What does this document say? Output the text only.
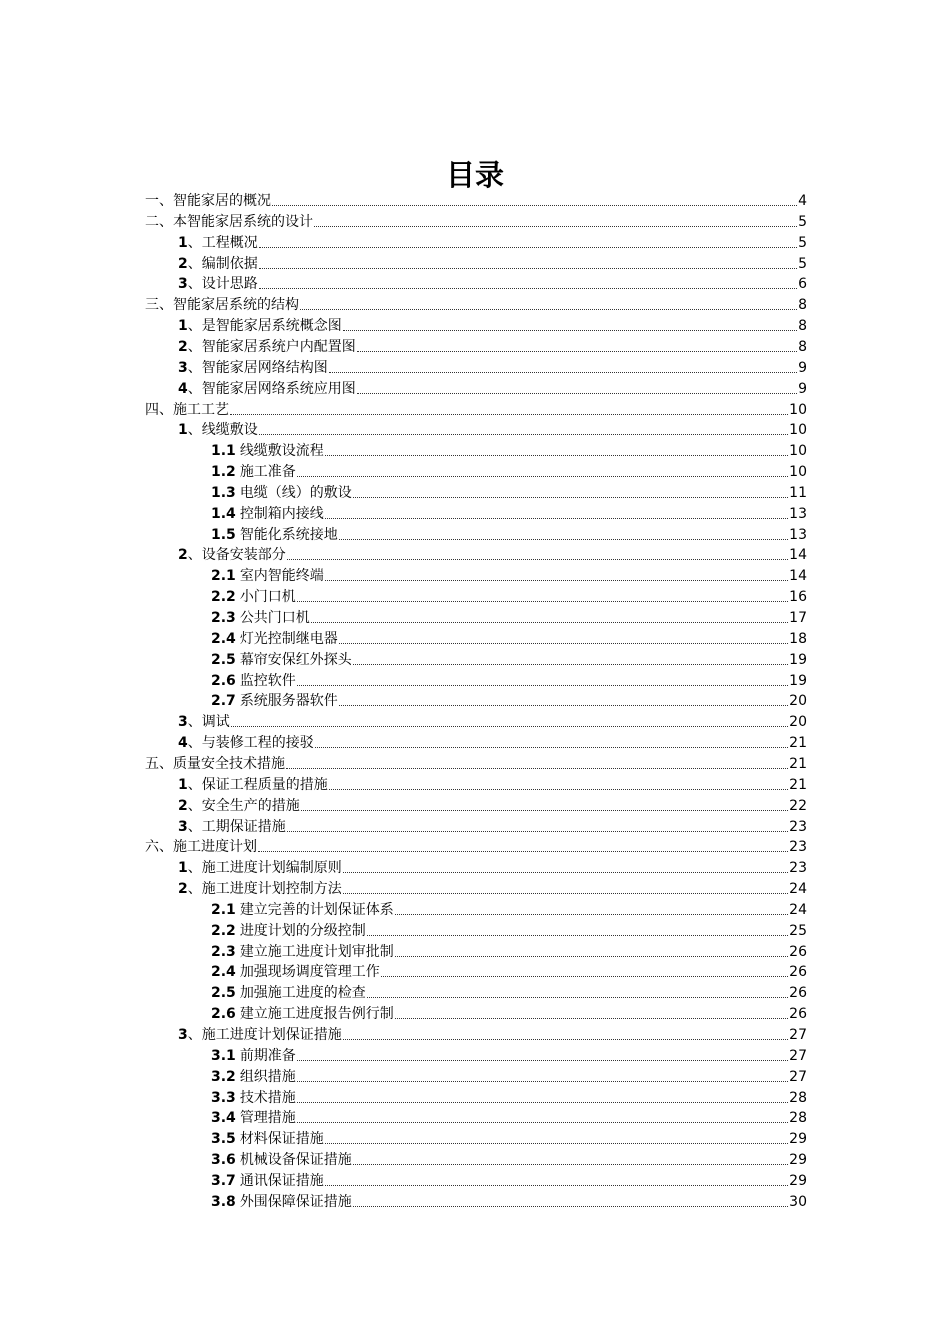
目录
一、智能家居的概况	4
二、本智能家居系统的设计	5
1 、工程概况	5
2 、编制依据	5
3 、设计思路	6
三、智能家居系统的结构	8
1 、是智能家居系统概念图	8
2 、智能家居系统户内配置图	8
3 、智能家居网络结构图	9
4 、智能家居网络系统应用图	9
四、施工工艺	10
1 、线缆敷设	10
1.1 线缆敷设流程	10
1.2 施工准备	10
1.3 电缆（线）的敷设	11
1.4 控制箱内接线	13
1.5 智能化系统接地	13
2 、设备安装部分	14
2.1 室内智能终端	14
2.2 小门口机	16
2.3 公共门口机	17
2.4 灯光控制继电器	18
2.5 幕帘安保红外探头	19
2.6 监控软件	19
2.7 系统服务器软件	20
3 、调试	20
4 、与装修工程的接驳	21
五、质量安全技术措施	21
1 、保证工程质量的措施	21
2 、安全生产的措施	22
3 、工期保证措施	23
六、施工进度计划	23
1 、施工进度计划编制原则	23
2 、施工进度计划控制方法	24
2.1 建立完善的计划保证体系	24
2.2 进度计划的分级控制	25
2.3 建立施工进度计划审批制	26
2.4 加强现场调度管理工作	26
2.5 加强施工进度的检查	26
2.6 建立施工进度报告例行制	26
3 、施工进度计划保证措施	27
3.1 前期准备	27
3.2 组织措施	27
3.3 技术措施	28
3.4 管理措施	28
3.5 材料保证措施	29
3.6 机械设备保证措施	29
3.7 通讯保证措施	29
3.8 外围保障保证措施	30
